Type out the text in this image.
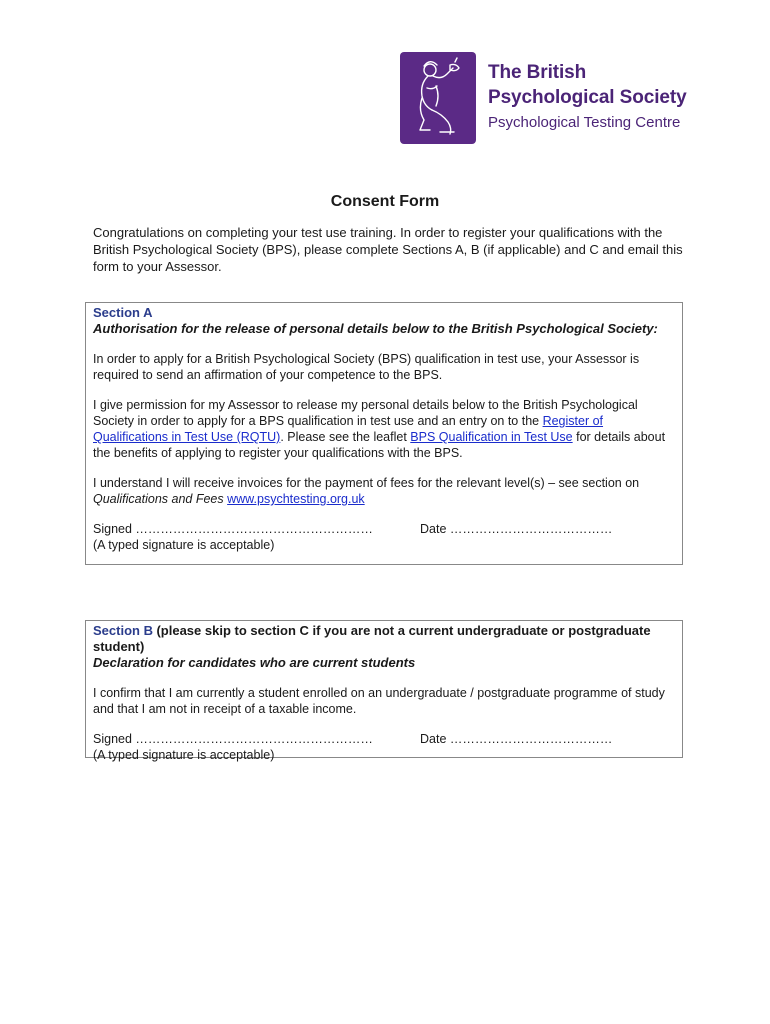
The British
Psychological Society
Psychological Testing Centre
Consent Form

Congratulations on completing your test use training. In order to register your qualifications with the British Psychological Society (BPS), please complete Sections A, B (if applicable) and C and email this form to your Assessor.

Section A
Authorisation for the release of personal details below to the British Psychological Society:

In order to apply for a British Psychological Society (BPS) qualification in test use, your Assessor is required to send an affirmation of your competence to the BPS.

I give permission for my Assessor to release my personal details below to the British Psychological Society in order to apply for a BPS qualification in test use and an entry on to the Register of Qualifications in Test Use (RQTU). Please see the leaflet BPS Qualification in Test Use for details about the benefits of applying to register your qualifications with the BPS.

I understand I will receive invoices for the payment of fees for the relevant level(s) – see section on Qualifications and Fees www.psychtesting.org.uk

Signed …………………………………………………	Date …………………………………
(A typed signature is acceptable)
Section B (please skip to section C if you are not a current undergraduate or postgraduate student)
Declaration for candidates who are current students

I confirm that I am currently a student enrolled on an undergraduate / postgraduate programme of study and that I am not in receipt of a taxable income.

Signed …………………………………………………	Date …………………………………
(A typed signature is acceptable)
